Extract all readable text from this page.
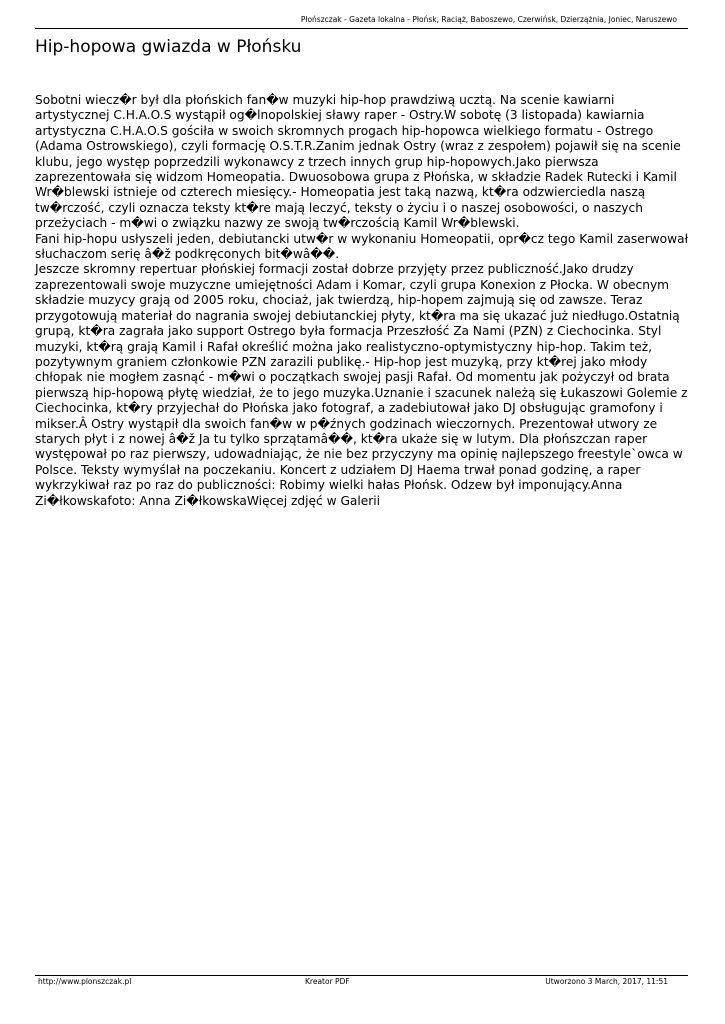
Płońszczak - Gazeta lokalna - Płońsk, Raciąż, Baboszewo, Czerwińsk, Dzierzążnia, Joniec, Naruszewo
Hip-hopowa gwiazda w Płońsku

Sobotni wiecz�r był dla płońskich fan�w muzyki hip-hop prawdziwą ucztą. Na scenie kawiarni artystycznej C.H.A.O.S wystąpił og�lnopolskiej sławy raper - Ostry.W sobotę (3 listopada) kawiarnia artystyczna C.H.A.O.S gościła w swoich skromnych progach hip-hopowca wielkiego formatu - Ostrego (Adama Ostrowskiego), czyli formację O.S.T.R.Zanim jednak Ostry (wraz z zespołem) pojawił się na scenie klubu, jego występ poprzedzili wykonawcy z trzech innych grup hip-hopowych.Jako pierwsza zaprezentowała się widzom Homeopatia. Dwuosobowa grupa z Płońska, w składzie Radek Rutecki i Kamil Wr�blewski istnieje od czterech miesięcy.- Homeopatia jest taką nazwą, kt�ra odzwierciedla naszą tw�rczość, czyli oznacza teksty kt�re mają leczyć, teksty o życiu i o naszej osobowości, o naszych przeżyciach - m�wi o związku nazwy ze swoją tw�rczością Kamil Wr�blewski.

Fani hip-hopu usłyszeli jeden, debiutancki utw�r w wykonaniu Homeopatii, opr�cz tego Kamil zaserwował słuchaczom serię â�ž podkręconych bit�wâ��.

Jeszcze skromny repertuar płońskiej formacji został dobrze przyjęty przez publiczność.Jako drudzy zaprezentowali swoje muzyczne umiejętności Adam i Komar, czyli grupa Konexion z Płocka. W obecnym składzie muzycy grają od 2005 roku, chociaż, jak twierdzą, hip-hopem zajmują się od zawsze. Teraz przygotowują materiał do nagrania swojej debiutanckiej płyty, kt�ra ma się ukazać już niedługo.Ostatnią grupą, kt�ra zagrała jako support Ostrego była formacja Przeszłość Za Nami (PZN) z Ciechocinka. Styl muzyki, kt�rą grają Kamil i Rafał określić można jako realistyczno-optymistyczny hip-hop. Takim też, pozytywnym graniem członkowie PZN zarazili publikę.- Hip-hop jest muzyką, przy kt�rej jako młody chłopak nie mogłem zasnąć - m�wi o początkach swojej pasji Rafał. Od momentu jak pożyczył od brata pierwszą hip-hopową płytę wiedział, że to jego muzyka.Uznanie i szacunek należą się Łukaszowi Golemie z Ciechocinka, kt�ry przyjechał do Płońska jako fotograf, a zadebiutował jako DJ obsługując gramofony i mikser.Â Ostry wystąpił dla swoich fan�w w p�źnych godzinach wieczornych. Prezentował utwory ze starych płyt i z nowej â�ž Ja tu tylko sprzątamâ��, kt�ra ukaże się w lutym. Dla płońszczan raper występował po raz pierwszy, udowadniając, że nie bez przyczyny ma opinię najlepszego freestyle`owca w Polsce. Teksty wymyślał na poczekaniu. Koncert z udziałem DJ Haema trwał ponad godzinę, a raper wykrzykiwał raz po raz do publiczności: Robimy wielki hałas Płońsk. Odzew był imponujący.Anna Zi�łkowskafoto: Anna Zi�łkowskaWięcej zdjęć w Galerii

http://www.plonszczak.pl	Kreator PDF	Utworzono 3 March, 2017, 11:51
